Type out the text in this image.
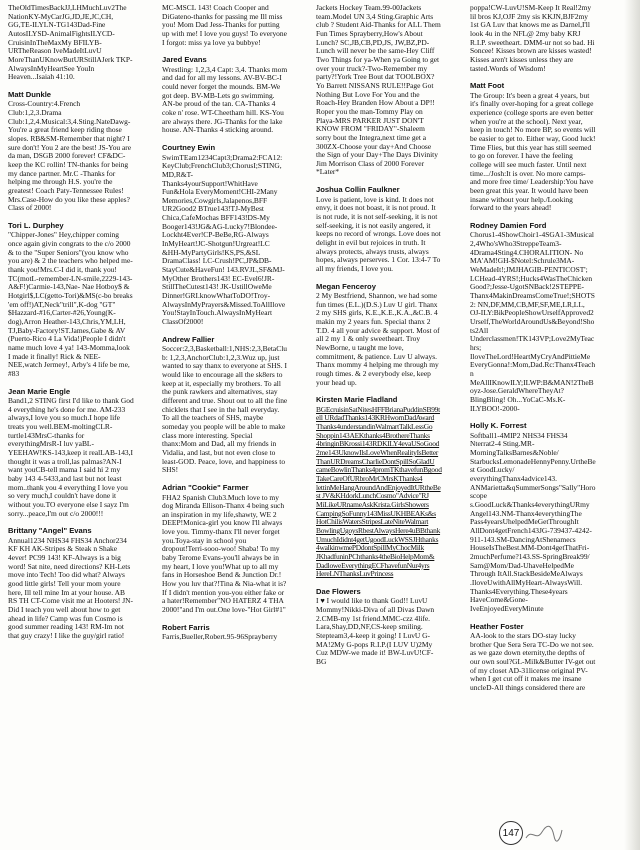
TheOldTimesBackJJ,LHMuchLuv2The NationKY-MyCarJG,JD,JE,JC,CH, GG,TE-ILYLN-TG143Dad-Fine AutosILYSD-AnimalFightsILYCD-CruisinInTheMaxMy BFILYB-URTheReason IveMadeItLuvU MoreThanUKnowButURStillAJerk TKP-AlwaysInMyHeartSee YouIn Heaven...Isaiah 41:10.
Matt Dunkle
Cross-Country:4.French Club:1,2,3.Drama Club:1,2,4.Musical:3,4.Sting.NateDawg-You're a great friend keep riding those slopes. RB&SM-Remember that night? I sure don't! You 2 are the best! JS-You are da man, DSGB 2000 forever! CF&DC-keep the KC rollin! TN-thanks for being my dance partner. Mr.C -Thanks for helping me through H.S. you're the greatest! Coach Paty-Tennessee Rules! Mrs.Case-How do you like these apples? Class of 2000!
Tori L. Durphey
"Chipper-Jones" Hey,chipper coming once again givin congrats to the c/o 2000 & to the "Super Seniors"(you know who you are) & 2 the teachers who helped me-thank you!Mrs.C-I did it, thank you! TC(motL-remember-LN-smile,2229-143-A&F!)Carmie-143,Nae- Nae Hotboy$ & Hotgirl$,LC(getto-Tori)&MS(c-bo breaks 'em off!)AT,Neck"trill",K-dog "GT" $Hazzard-#16,Carter-#26,Young(K-dog),Arron Heather-143,Chris,YM,LH, TJ,Baby-Factory!ST.James,Gabe & AV (Puerto-Rico 4 La Vida!)People I didn't name much love 4 ya! 143-Momma,look I made it finally! Rick & NEE-NEE,watch Jermey!, Arby's 4 life be me, #83
Jean Marie Engle
Band1,2 STING first I'd like to thank God 4 everything he's done for me. AM-233 always,I love you so much.I hope life treats you well.BEM-moltingCLR-turtle143MrsC-thanks for everythingMrsR-I luv yaBL-YEEHAW!KS-143,keep it realLAB-143,I thought it was a troll,las palmas?AN-I want youCB-tell mama I said hi 2 my baby 143 4-5433,and last but not least mom..thank you 4 everything I love you so very much,I couldn't have done it without you.TO everyone else I sayz I'm sorry...peace,I'm out c/o 2000!!!
Brittany "Angel" Evans
Annual1234 NHS34 FHS34 Anchor234 KF KH AK-Stripes & Steak n Shake 4ever! PC99 143! KF-Always is a big word! Sat nite, need directions? KH-Lets move into Tech! Too did what? Always good little girls! Tell your mom youre here, Ill tell mine Im at your house. AB RS TH CT-Come visit me at Hooters! JN-Did I teach you well about how to get ahead in life? Camp was fun Cosmo is good summer reading 143! RM-Im not that guy crazy! I like the guy/girl ratio!
MC-MSCL 143! Coach Cooper and DiGateno-thanks for passing me Ill miss you! Mom Dad Jess-Thanks for putting up with me! I love you guys! To everyone I forgot: miss ya love ya bubbye!
Jared Evans
Wrestling: 1,2,3,4 Capt: 3,4. Thanks mom and dad for all my lessons. AV-BV-BC-I could never forget the mounds. BM-We got deep. BV-MB-Lets go swimming. AN-be proud of the tan. CA-Thanks 4 coke n' rose. WT-Cheetham hill. KS-You are always there. JG-Thanks for the lake house. AN-Thanks 4 sticking around.
Courtney Ewin
SwimTEam1234Capt3;Drama2:FCA12: KeyClub;FrenchClub3;ChorusI;STING,MD,R&T-Thanks4yourSupport!WhitHave Fun&Hola EveryMoment!CHI-2Many Memories,Cowgirls,Jalapenos,BFF UR2Good2 BTrue143!TJ-MyBest Chica,CafeMochas BFF143!DS-My Booger143!JG&AG-Lucky7!Blondee-Lockht4Ever!CP-BeBe,RG-Always InMyHeart!JC-Shotgun!Urgreat!LC &HH-MyPartyGirls!KS,PS,&SL DramaClass! LC-Crush!PC,JP&DB-StayCute&HaveFun! 143.RVJL,SF&MJ-MyOther Brothers143! EC-Evel6!JR-StillTheCutest143! JK-UstillOweMe Dinner!GRI.knowWhatToDO!Troy-AlwaysInMyPrayers&Missed.ToAllIlove You!StayInTouch.AlwaysInMyHeart ClassOf2000!
Andrew Fallier
Soccer:2,3,Basketball:1,NHS:2,3,BetaClub: 1,2,3,AnchorClub:1,2,3.Wuz up, just wanted to say thanx to everyone at SHS. I would like to encourage all the sk8ers to keep at it, especially my brothers. To all the punk rawkers and alternatives, stay different and true. Shout out to all the fine chicklets that I see in the hall everyday. To all the teachers of SHS, maybe someday you people will be able to make class more interesting. Special thanx:Mom and Dad, all my friends in Vidalia, and last, but not even close to least-GOD. Peace, love, and happiness to SHS!
Adrian "Cookie" Farmer
FHA2 Spanish Club3.Much love to my dog Miranda Ellison-Thanx 4 being such an inspiration in my life,shawty, WE 2 DEEP!Monica-girl you know I'll always love you. Timmy-thanx I'll never forget you.Toya-stay in school you dropout!Terri-sooo-woo! Shaba! To my baby Terome Evans-you'll always be in my heart, I love you!What up to all my fans in Horseshoe Bend & Junction Dr.! How you luv that?!Tina & Nia-what it is? If I didn't mention you-you either fake or a hater!Remember"NO HATERZ 4 THA 2000!"and I'm out.One love-"Hot Girl#1"
Robert Farris
Farris,Bueller,Robert.95-96Sprayberry
Jackets Hockey Team.99-00Jackets team.Model UN 3,4 Sting.Graphic Arts club ? Student Aid-Thanks for ALL Them Fun Times Sprayberry,How's About Lunch? SC,JB,CB,PD,JS, JW,BZ,PD-Lunch will never be the same-Hey Cliff Two Things for ya-When ya Going to get over your truck?-Two-Remember my party?!York Tree Bout dat TOOLBOX?Yo Barrett NISSANS RULE!!Page Got Nothing But Love For You and the Roach-Hey Branden How About a DP!! Roper you the man-Tommy Play on Playa-MRS PARKER JUST DON'T KNOW FROM "FRIDAY"-Shaleem sorry bout the Integra,next time get a 300ZX-Choose your day+And Choose the Sign of your Day+The Days Divinity Jim Morrison Class of 2000 Forever *Later*
Joshua Collin Faulkner
Love is patient, love is kind. It does not envy, it does not boast, it is not proud. It is not rude, it is not self-seeking, it is not self-seeking, it is not easily angered, it keeps no record of wrongs. Love does not delight in evil but rejoices in truth. It always protects, always trusts, always hopes, always perserves. 1 Cor. 13:4-7 To all my friends, I love you.
Megan Fenceroy
2 My Bestfriend, Shannon, we had some fun times (E.L.)(D.S.) Luv U girl. Thanx 2 my SHS girls, K.E.,K.E.,K.A.,&C.B. 4 makin my 2 years fun. Special thanx 2 T.D. 4 all your advice & support. Most of all 2 my 1 & only sweetheart. Troy NewBorne, u taught me love, commitment, & patience. Luv U always. Thanx mommy 4 helping me through my rough times. & 2 everybody else, keep your head up.
Kirsten Marie Fladland
BGEcruisinSatNitesHFFBrianaPuddinSB99tell URdadThanks143KRHwornDadAward Thanks4understandinWalmartTalkLessGo Shoppin143AEKthanks4BrothereThanks 4bringinBKrossi143RDKILY4evaUSoGood 2me143UknowIlsLoveWhenRealityIsBetter ThanURDreamsCharlieDontSpillSoGladU cameBowlinThanks4promTKthavefunBgood TakeCareOfURbroMrCMrsKThanks4 lettinMeHangAroundAndEnjoyedItURtheBest JV&KHdorkLunchCosmo"Advice"RJ MiLikeURnameAskKrista.GirlsShowers CampingSoFunny143MissUKHBEAKs&s HotChilisWatersStripesLateNiteWalmart BowlingUgoysRbestAlwaysHere4uBBthank UmuchIdidnt4getUgoodLuckWSSJHthanks 4walkinwmePDdontSpillMyChocMilk JKhadfuninPChthanks4theBioHelpMom& DadloweEverythingECFhavefunNur4yrs HereLNThanksLuvPrincess
Dae Flowers
I ♥ I would like to thank God!! LuvU Mommy!Nikki-Diva of all Divas Dawn 2.CMB-my 1st friend.MMC-czz 4life. Lara,Shay,DD,NF,CS-keep smiling. Stepteam3,4-keep it going! I LuvU G-MA!2My G-pops R.I.P.(I LUV U)2My Cuz MDW-we made it! BW-LuvU!CF-BG
poppa!CW-LuvU!SM-Keep It Real!2my lil bros KJ,OJF 2my sis KKJN,BJF2my 1st GA Luv that knows me as Darnel,I'll look 4u in the NFL@ 2my baby KRJ R.I.P. sweetheart. DMM-ur not so bad. Hi Soncee! Kisses brown are kisses wasted! Kisses aren't kisses unless they are tasted.Words of Wisdom!
Matt Foot
The Group: It's been a great 4 years, but it's finally over-hoping for a great college experience (college sports are even better when you're at the school). Next year, keep in touch! No more BP, so events will be easier to get to. Either way, Good luck! Time Flies, but this year has still seemed to go on forever. I have the feeling college will see much faster. Until next time.../Josh:It is over. No more camps-and more free time/ Leadership:You have been great this year. It would have been insane without your help./Looking forward to the years ahead!
Rodney Damien Ford
Chorus1-4ShowChoir1-4SGA1-3Musical 2,4Who'sWho3StreppeTeam3-4Drama4Sting4.CHORALITION- No MA'AM!GH-$Notel:Schrule3MA-WeMadeIt!;JMJHAGIB-PENTICOST'; LCHead-4YRS!;Hucks4WasTheChicken Good?;Jesse-UgotSNBack!2STEPPE-Thanx4MakinDreamsComeTrue!;SHOTS2: NN,DF,MM,CB,MF,SF,ME,LR,LL, OJ-ILY:BikPeopleShowUrselfApproved2 Urself,TheWorldAroundUs&Beyond!Shots2All Underclassmen!TK143VP;Love2MyTeachrs; IloveTheLord!HeartMyCryAndPittieMe EveryGonna!:Mom,Dad.Rc:Thanx4Teachn MeAllIKnowILY;ILWP:B&MAN!2TheBoyz-Jose.GeraldWhereTheyAt?BlingBling! Oh...YoCaC-Ms.K-ILYBOO!-2000-
Holly K. Forrest
Softball1-4MIP2 NHS34 FHS34 Nterrat2-4 Sting.MR-MorningTalksBarnes&Noble/ StarbucksLemonadeHennyPenny.UrtheBest GoodLucky/ everythingThanx4advice143. ANMarietta&qSummerSongs"Sally"Horoscope s.GoodLuck&Thanks4everythingURmy Angel143.NM-Thanx4everythingThe Pass4yearsUhelpedMeGetThroughIt AllDont4getFrench143JG-739437-4242-911-143.SM-DancingAtShenamecs HouseIsTheBest.MM-Dont4getThatFri-2muchPerfume?143.SS-SpringBreak99/ Sam@Mom/Dad-UhaveHelpedMe Through ItAll.StackBesideMeAlways .IloveUwithAllMyHeart-AlwaysWill. Thanks4Everything.These4years HaveCome&Gone-IveEnjoyedEveryMinute
Heather Foster
AA-look to the stars DO-stay lucky brother Que Sera Sera TC-Do we not see. as we gaze down eternity,the depths of our own soul?GL-Milk&Butter IV-get out of my closet AD-31license original PV-when I get cut off it makes me insane uncleD-All things considered there are
147
